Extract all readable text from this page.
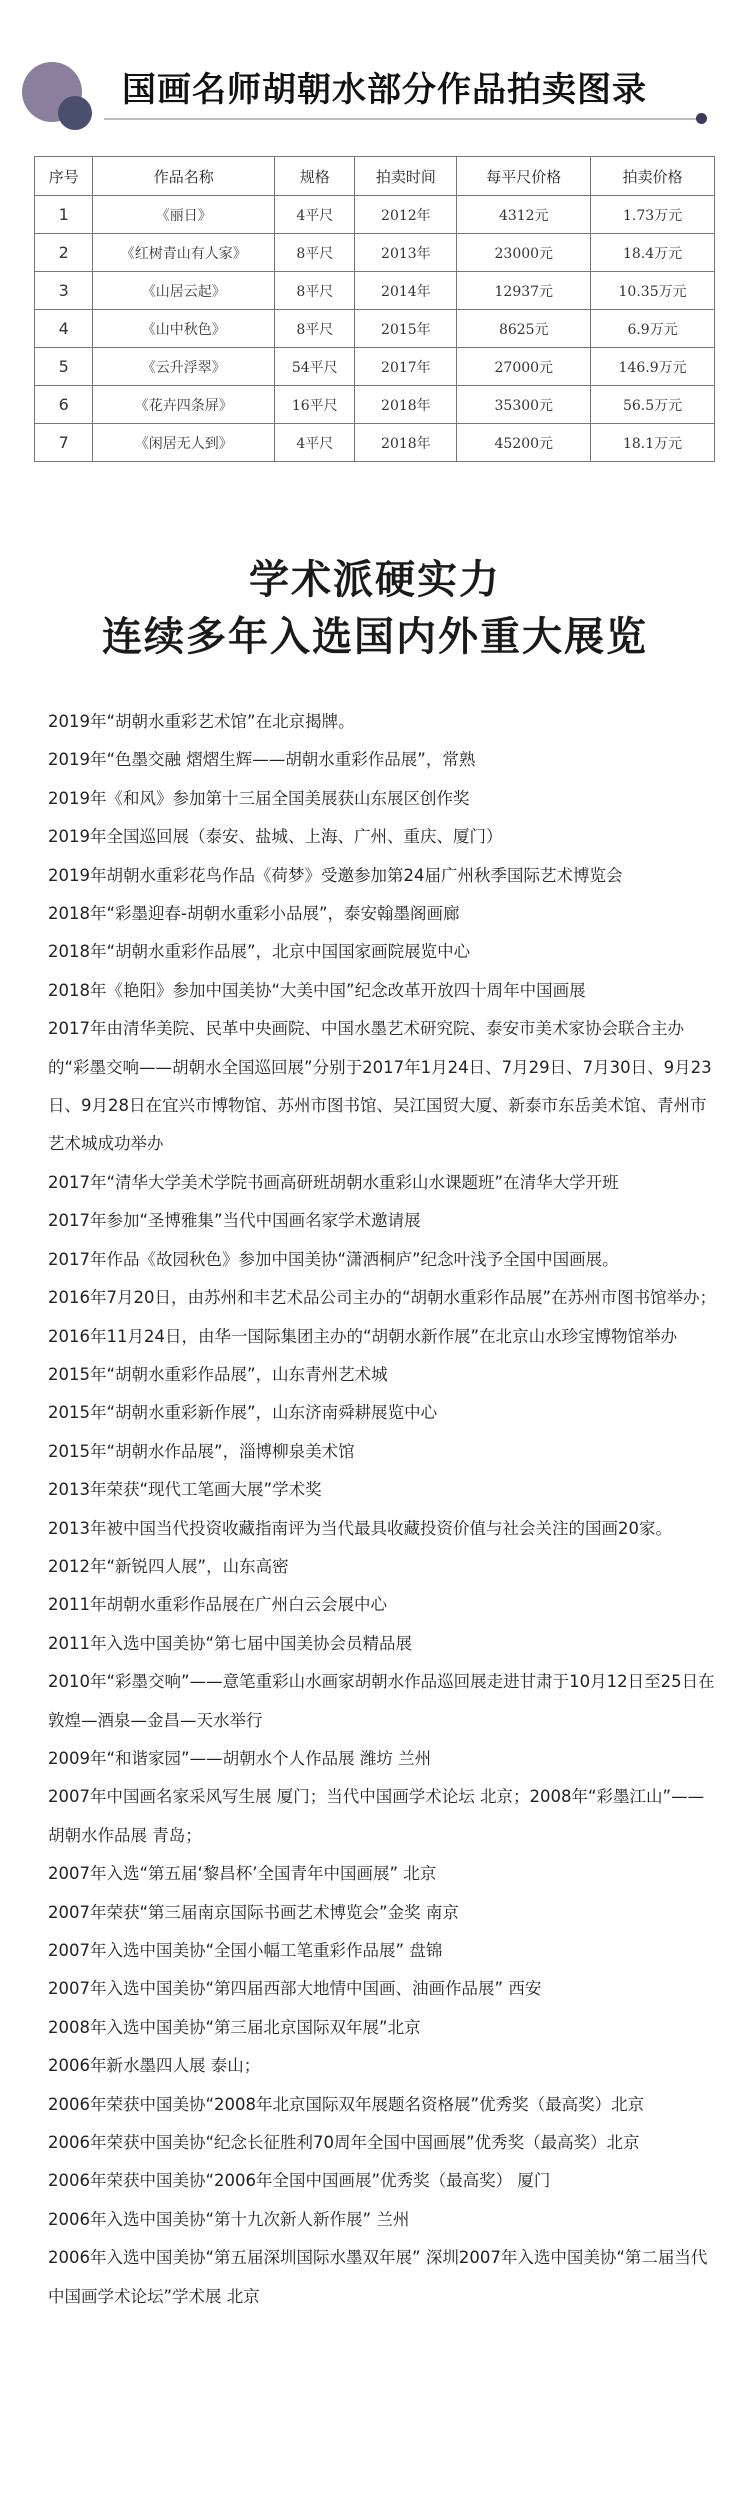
国画名师胡朝水部分作品拍卖图录
序号	作品名称	规格	拍卖时间	每平尺价格	拍卖价格
1	《丽日》	4平尺	2012年	4312元	1.73万元
2	《红树青山有人家》	8平尺	2013年	23000元	18.4万元
3	《山居云起》	8平尺	2014年	12937元	10.35万元
4	《山中秋色》	8平尺	2015年	8625元	6.9万元
5	《云升浮翠》	54平尺	2017年	27000元	146.9万元
6	《花卉四条屏》	16平尺	2018年	35300元	56.5万元
7	《闲居无人到》	4平尺	2018年	45200元	18.1万元
学术派硬实力
连续多年入选国内外重大展览
2019年“胡朝水重彩艺术馆”在北京揭牌。
2019年“色墨交融 熠熠生辉——胡朝水重彩作品展”，常熟
2019年《和风》参加第十三届全国美展获山东展区创作奖
2019年全国巡回展（泰安、盐城、上海、广州、重庆、厦门）
2019年胡朝水重彩花鸟作品《荷梦》受邀参加第24届广州秋季国际艺术博览会
2018年“彩墨迎春-胡朝水重彩小品展”，泰安翰墨阁画廊
2018年“胡朝水重彩作品展”，北京中国国家画院展览中心
2018年《艳阳》参加中国美协“大美中国”纪念改革开放四十周年中国画展
2017年由清华美院、民革中央画院、中国水墨艺术研究院、泰安市美术家协会联合主办的“彩墨交响——胡朝水全国巡回展”分别于2017年1月24日、7月29日、7月30日、9月23日、9月28日在宜兴市博物馆、苏州市图书馆、吴江国贸大厦、新泰市东岳美术馆、青州市艺术城成功举办
2017年“清华大学美术学院书画高研班胡朝水重彩山水课题班”在清华大学开班
2017年参加“圣博雅集”当代中国画名家学术邀请展
2017年作品《故园秋色》参加中国美协“潇洒桐庐”纪念叶浅予全国中国画展。
2016年7月20日，由苏州和丰艺术品公司主办的“胡朝水重彩作品展”在苏州市图书馆举办；
2016年11月24日，由华一国际集团主办的“胡朝水新作展”在北京山水珍宝博物馆举办
2015年“胡朝水重彩作品展”，山东青州艺术城
2015年“胡朝水重彩新作展”，山东济南舜耕展览中心
2015年“胡朝水作品展”，淄博柳泉美术馆
2013年荣获“现代工笔画大展”学术奖
2013年被中国当代投资收藏指南评为当代最具收藏投资价值与社会关注的国画20家。
2012年“新锐四人展”，山东高密
2011年胡朝水重彩作品展在广州白云会展中心
2011年入选中国美协“第七届中国美协会员精品展
2010年“彩墨交响”——意笔重彩山水画家胡朝水作品巡回展走进甘肃于10月12日至25日在敦煌—酒泉—金昌—天水举行
2009年“和谐家园”——胡朝水个人作品展 潍坊 兰州
2007年中国画名家采风写生展 厦门；当代中国画学术论坛 北京；2008年“彩墨江山”——胡朝水作品展 青岛；
2007年入选“第五届‘黎昌杯’全国青年中国画展” 北京
2007年荣获“第三届南京国际书画艺术博览会”金奖 南京
2007年入选中国美协“全国小幅工笔重彩作品展” 盘锦
2007年入选中国美协“第四届西部大地情中国画、油画作品展” 西安
2008年入选中国美协“第三届北京国际双年展”北京
2006年新水墨四人展 泰山；
2006年荣获中国美协“2008年北京国际双年展题名资格展”优秀奖（最高奖）北京
2006年荣获中国美协“纪念长征胜利70周年全国中国画展”优秀奖（最高奖）北京
2006年荣获中国美协“2006年全国中国画展”优秀奖（最高奖） 厦门
2006年入选中国美协“第十九次新人新作展” 兰州
2006年入选中国美协“第五届深圳国际水墨双年展” 深圳2007年入选中国美协“第二届当代中国画学术论坛”学术展 北京
